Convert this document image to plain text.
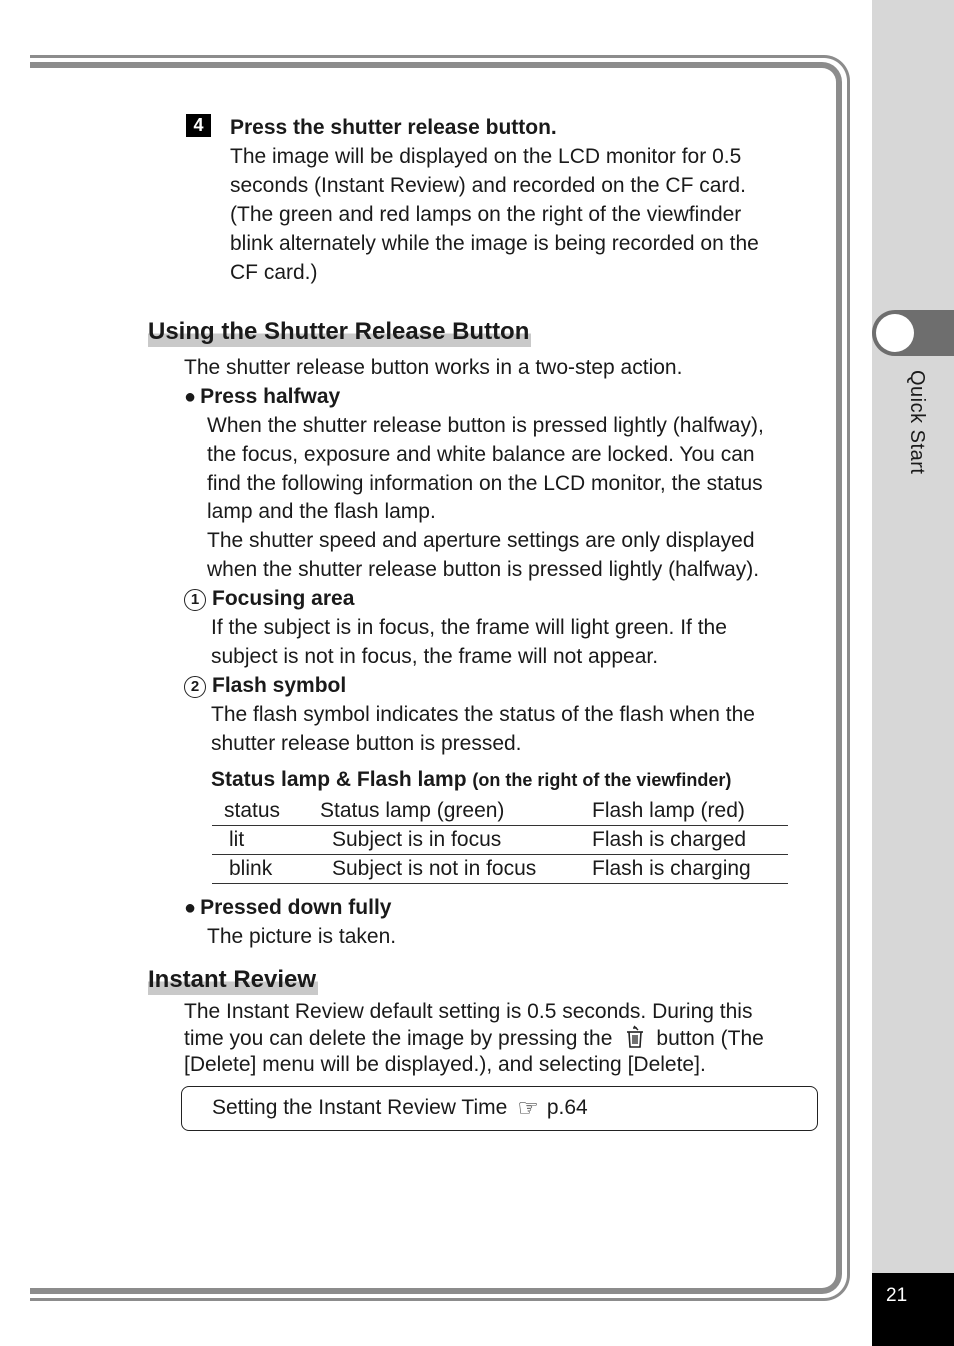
Quick Start
21
4	Press the shutter release button.
The image will be displayed on the LCD monitor for 0.5
seconds (Instant Review) and recorded on the CF card.
(The green and red lamps on the right of the viewfinder
blink alternately while the image is being recorded on the
CF card.)
Using the Shutter Release Button
The shutter release button works in a two-step action.
● Press halfway
When the shutter release button is pressed lightly (halfway),
the focus, exposure and white balance are locked. You can
find the following information on the LCD monitor, the status
lamp and the flash lamp.
The shutter speed and aperture settings are only displayed
when the shutter release button is pressed lightly (halfway).
1 Focusing area
If the subject is in focus, the frame will light green. If the
subject is not in focus, the frame will not appear.
2 Flash symbol
The flash symbol indicates the status of the flash when the
shutter release button is pressed.
Status lamp & Flash lamp (on the right of the viewfinder)
status	Status lamp (green)	Flash lamp (red)
lit	Subject is in focus	Flash is charged
blink	Subject is not in focus	Flash is charging
● Pressed down fully
The picture is taken.
Instant Review
The Instant Review default setting is 0.5 seconds. During this
time you can delete the image by pressing the button (The
[Delete] menu will be displayed.), and selecting [Delete].
Setting the Instant Review Time ☞ p.64
